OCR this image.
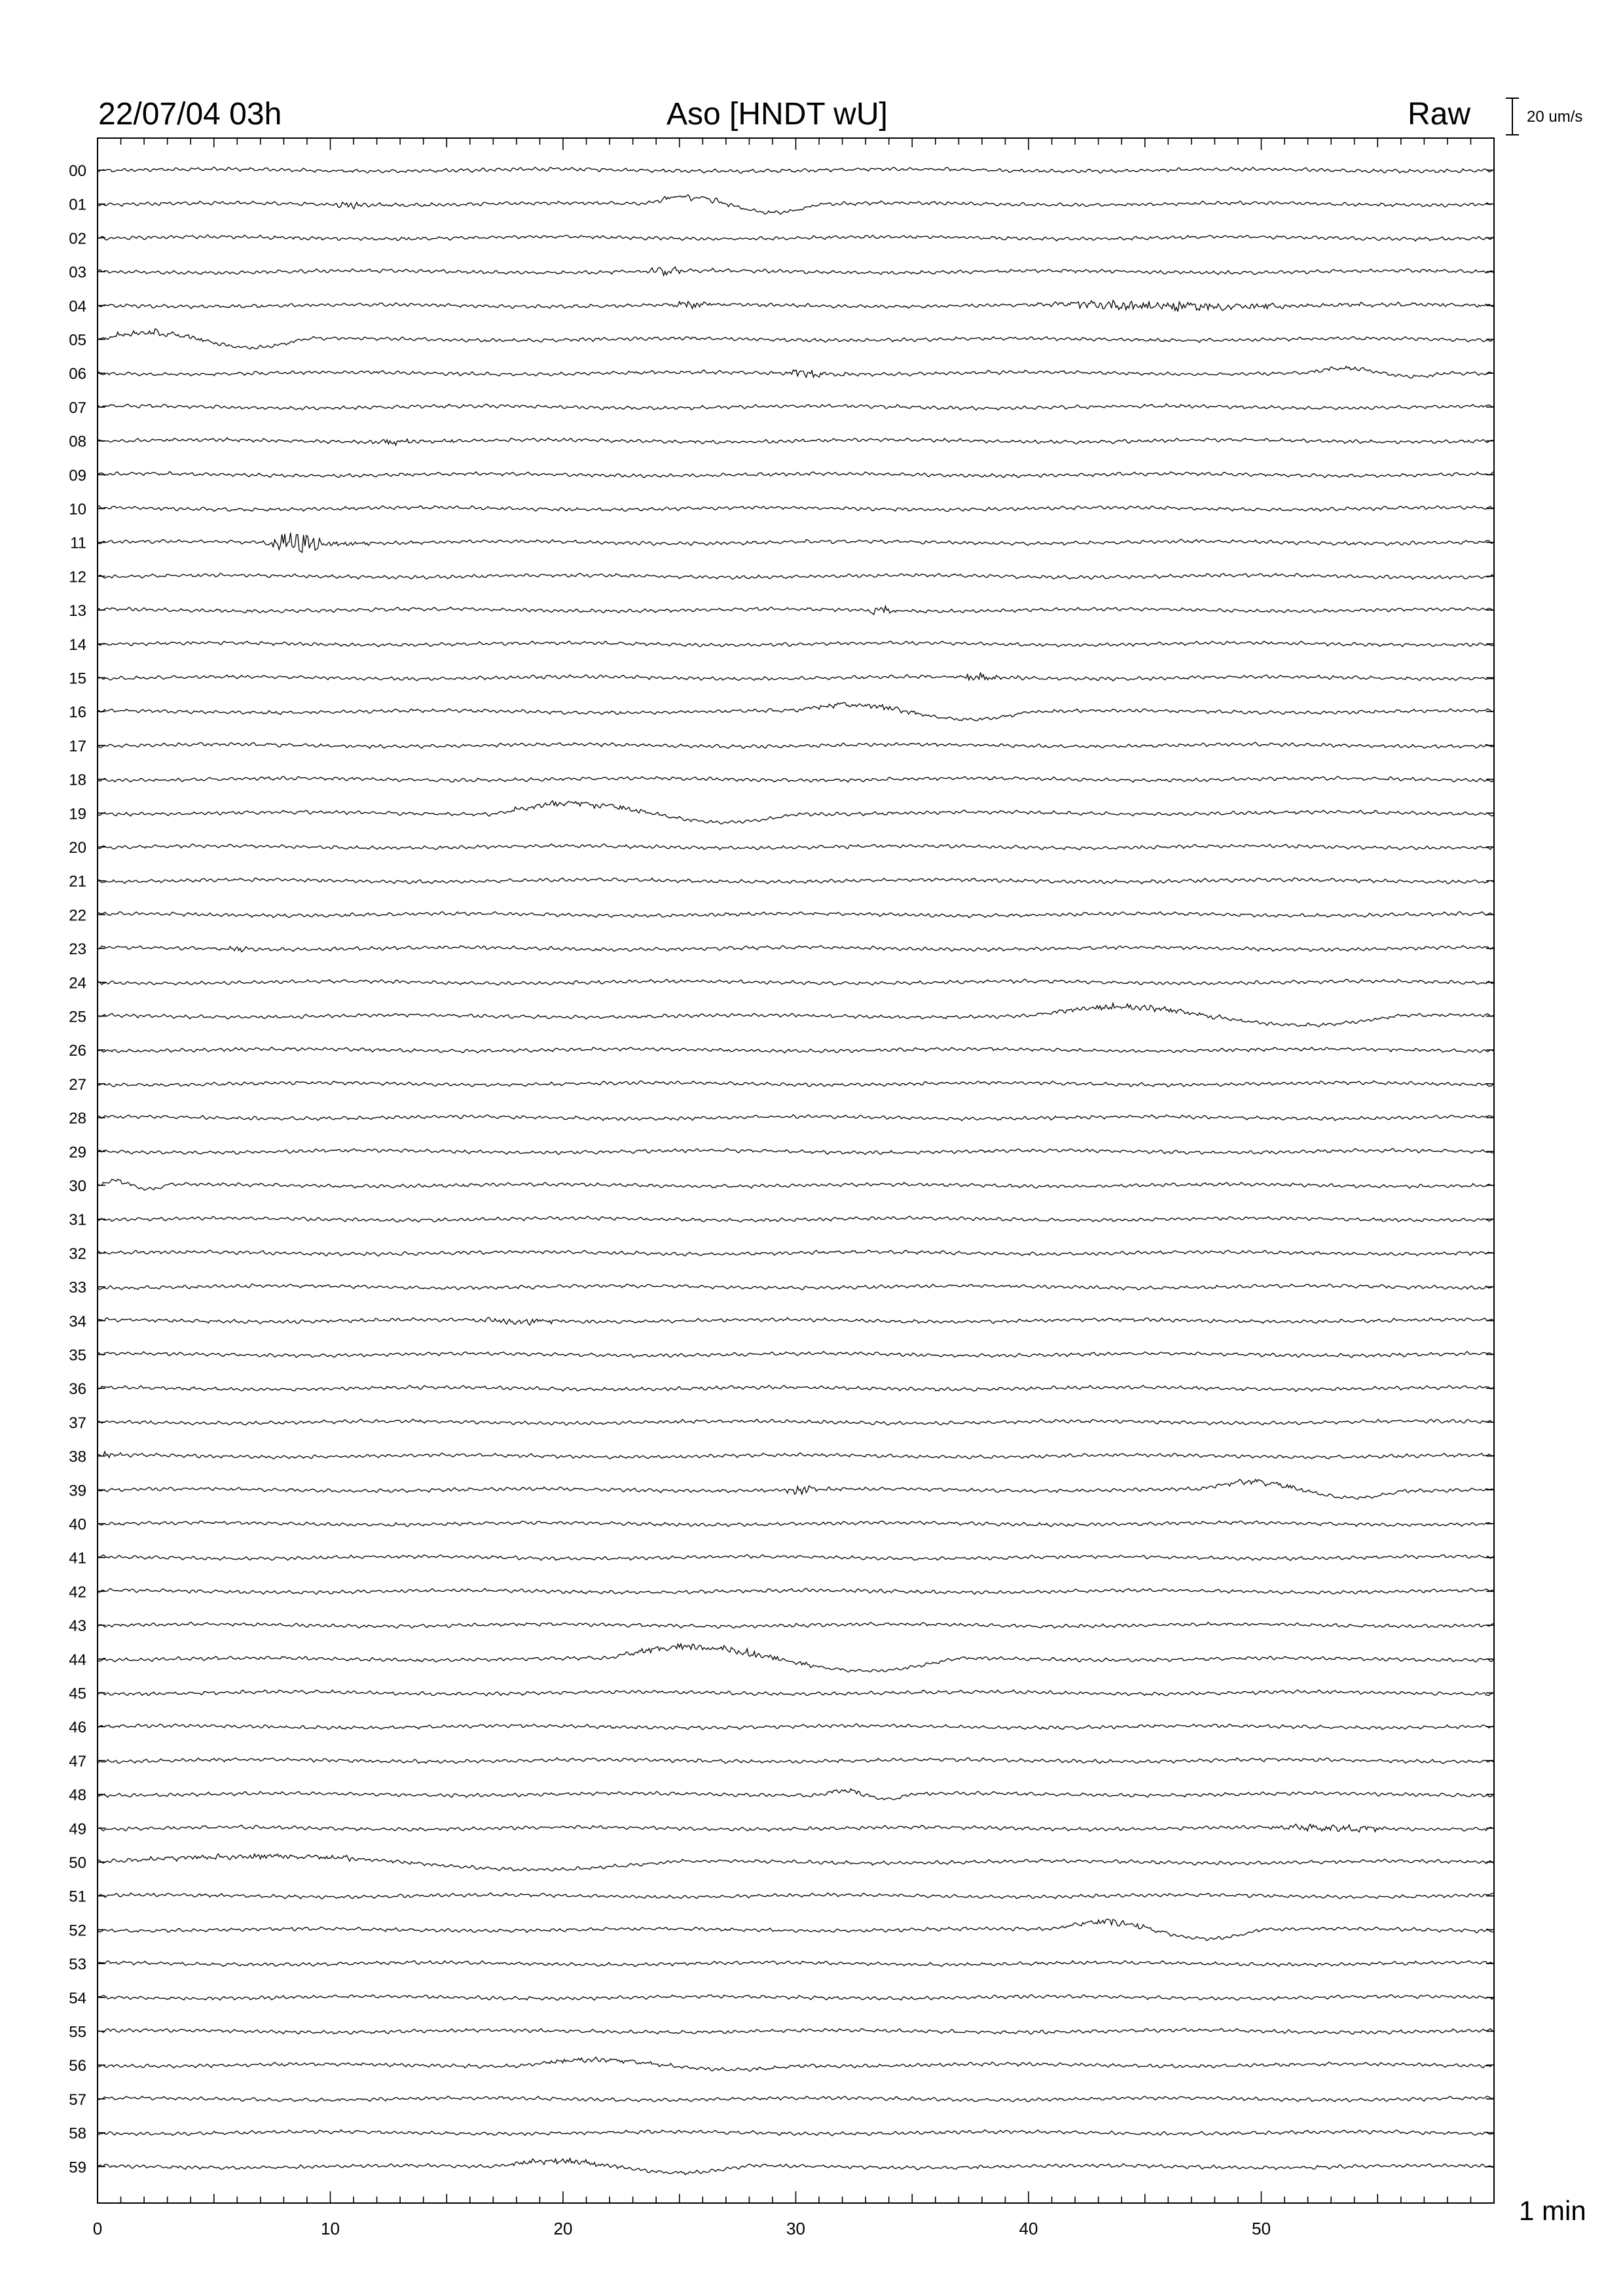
22/07/04 03h	Aso [HNDT wU]	Raw
0	10	20	30	40	50
1 min
20 um/s
00
01
02
03
04
05
06
07
08
09
10
11
12
13
14
15
16
17
18
19
20
21
22
23
24
25
26
27
28
29
30
31
32
33
34
35
36
37
38
39
40
41
42
43
44
45
46
47
48
49
50
51
52
53
54
55
56
57
58
59
